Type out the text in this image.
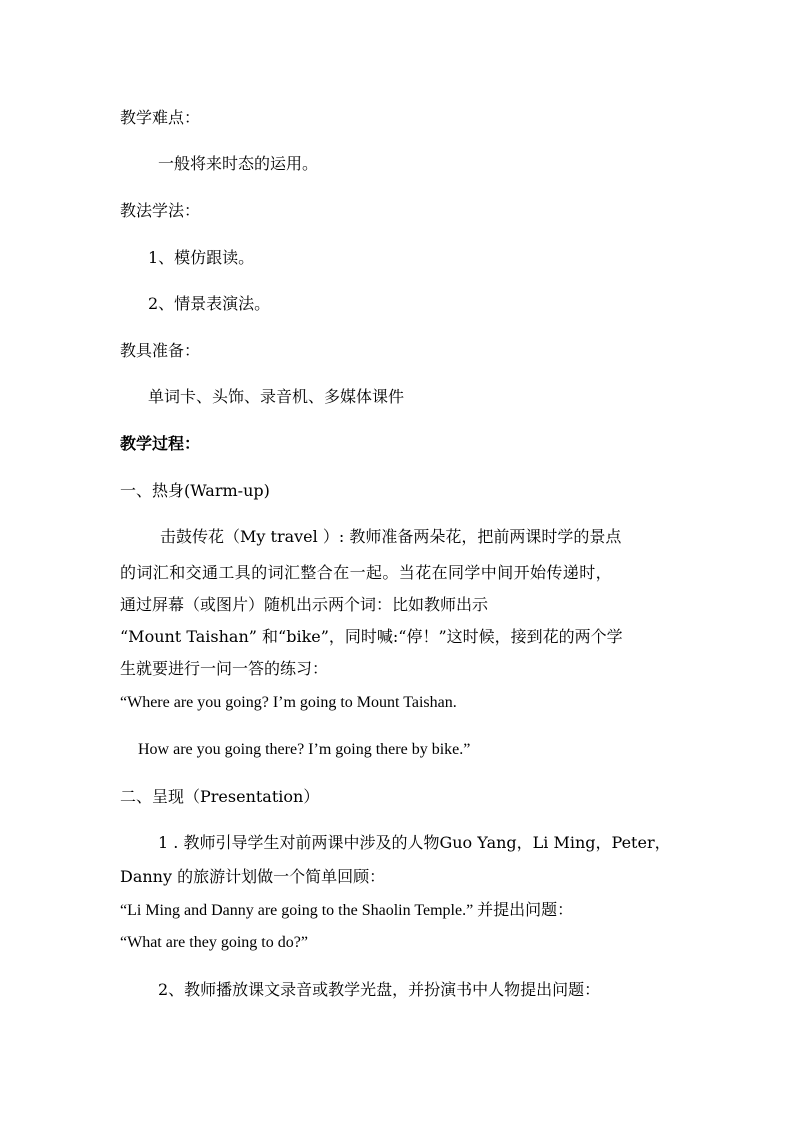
教学难点：
一般将来时态的运用。
教法学法：
1、模仿跟读。
2、情景表演法。
教具准备：
单词卡、头饰、录音机、多媒体课件
教学过程：
一、热身(Warm-up)
击鼓传花（My travel ）: 教师准备两朵花，把前两课时学的景点
的词汇和交通工具的词汇整合在一起。当花在同学中间开始传递时，
通过屏幕（或图片）随机出示两个词：比如教师出示
“Mount Taishan” 和“bike”，同时喊:“停！”这时候，接到花的两个学
生就要进行一问一答的练习：
“Where are you going? I’m going to Mount Taishan.
How are you going there? I’m going there by bike.”
二、呈现（Presentation）
1 . 教师引导学生对前两课中涉及的人物Guo Yang，Li Ming，Peter，
Danny 的旅游计划做一个简单回顾：
“Li Ming and Danny are going to the Shaolin Temple.” 并提出问题：
“What are they going to do?”
2、教师播放课文录音或教学光盘，并扮演书中人物提出问题：
